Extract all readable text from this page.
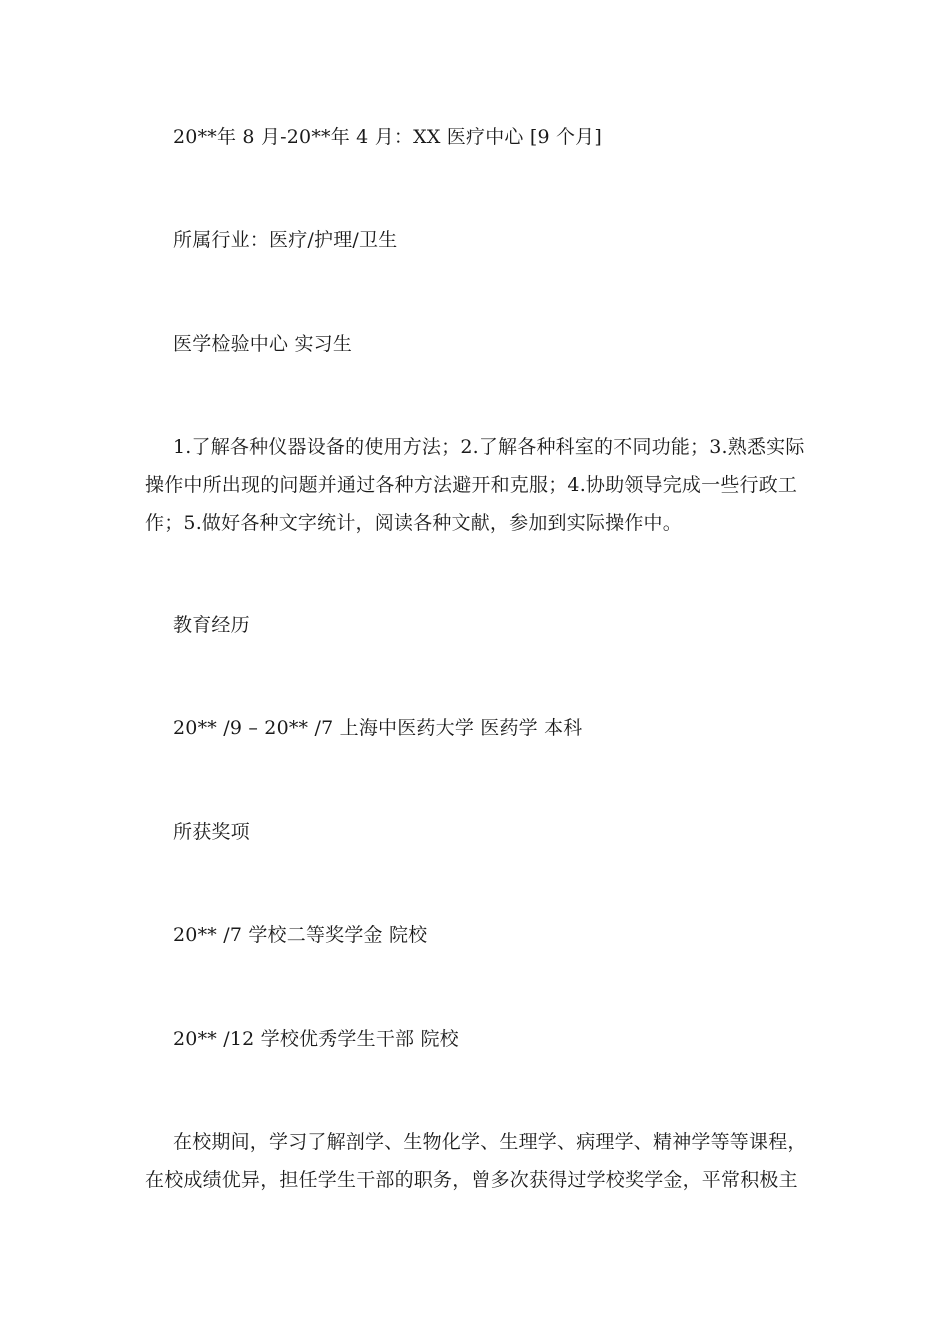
20**年 8 月-20**年 4 月：XX 医疗中心 [9 个月]
所属行业：医疗/护理/卫生
医学检验中心 实习生
1.了解各种仪器设备的使用方法；2.了解各种科室的不同功能；3.熟悉实际操作中所出现的问题并通过各种方法避开和克服；4.协助领导完成一些行政工作；5.做好各种文字统计，阅读各种文献，参加到实际操作中。
教育经历
20** /9 – 20** /7 上海中医药大学 医药学 本科
所获奖项
20** /7 学校二等奖学金 院校
20** /12 学校优秀学生干部 院校
在校期间，学习了解剖学、生物化学、生理学、病理学、精神学等等课程，在校成绩优异，担任学生干部的职务，曾多次获得过学校奖学金，平常积极主
